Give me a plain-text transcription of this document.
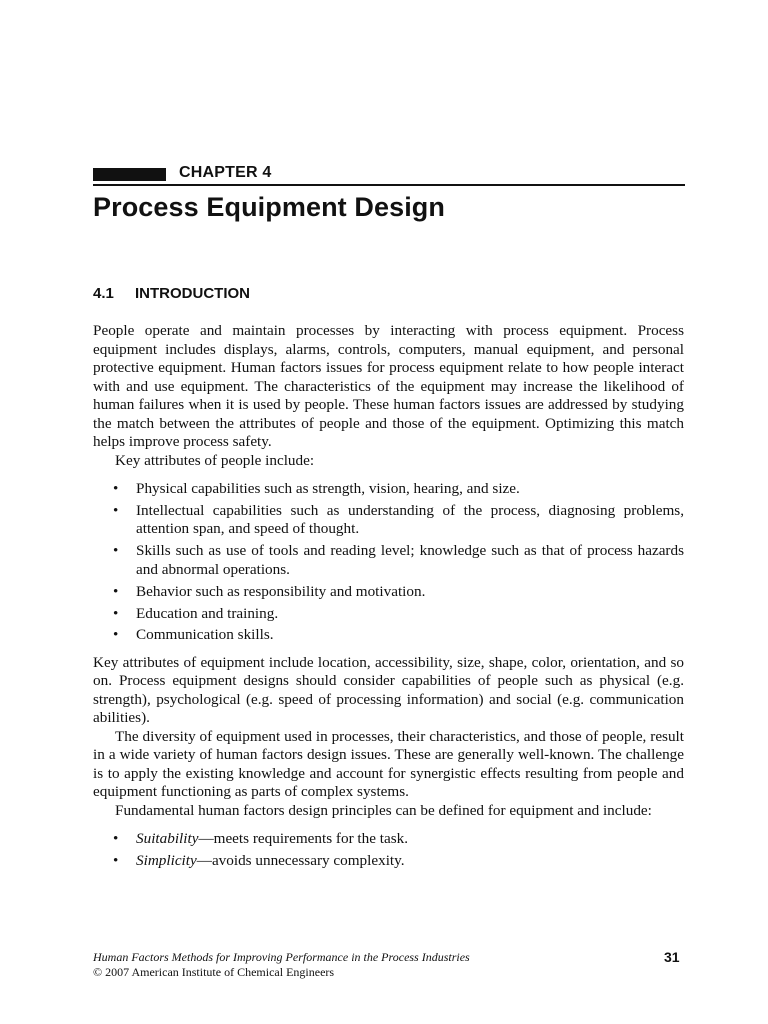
CHAPTER 4
Process Equipment Design
4.1 INTRODUCTION

People operate and maintain processes by interacting with process equipment. Process equipment includes displays, alarms, controls, computers, manual equipment, and personal protective equipment. Human factors issues for process equipment relate to how people interact with and use equipment. The characteristics of the equipment may increase the likelihood of human failures when it is used by people. These human factors issues are addressed by studying the match between the attributes of people and those of the equipment. Optimizing this match helps improve process safety.

Key attributes of people include:

• Physical capabilities such as strength, vision, hearing, and size.
• Intellectual capabilities such as understanding of the process, diagnosing problems, attention span, and speed of thought.
• Skills such as use of tools and reading level; knowledge such as that of process hazards and abnormal operations.
• Behavior such as responsibility and motivation.
• Education and training.
• Communication skills.

Key attributes of equipment include location, accessibility, size, shape, color, orientation, and so on. Process equipment designs should consider capabilities of people such as physical (e.g. strength), psychological (e.g. speed of processing information) and social (e.g. communication abilities).

The diversity of equipment used in processes, their characteristics, and those of people, result in a wide variety of human factors design issues. These are generally well-known. The challenge is to apply the existing knowledge and account for synergistic effects resulting from people and equipment functioning as parts of complex systems.

Fundamental human factors design principles can be defined for equipment and include:

• Suitability—meets requirements for the task.
• Simplicity—avoids unnecessary complexity.
Human Factors Methods for Improving Performance in the Process Industries
© 2007 American Institute of Chemical Engineers
31
